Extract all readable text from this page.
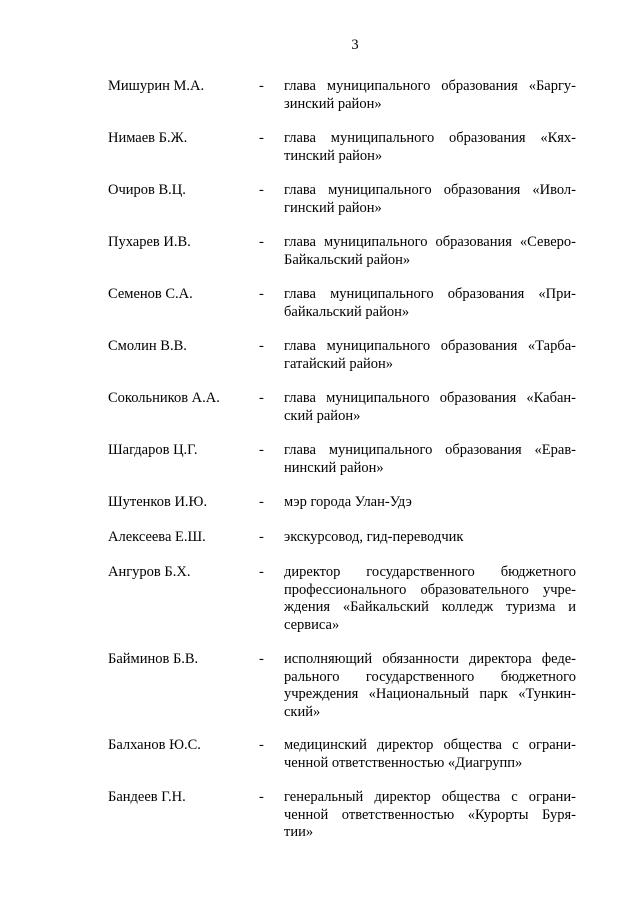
3
Мишурин М.А.	- глава муниципального образования «Баргу-
зинский район»
Нимаев Б.Ж.	- глава муниципального образования «Кях-
тинский район»
Очиров В.Ц.	- глава муниципального образования «Ивол-
гинский район»
Пухарев И.В.	- глава муниципального образования «Северо-
Байкальский район»
Семенов С.А.	- глава муниципального образования «При-
байкальский район»
Смолин В.В.	- глава муниципального образования «Тарба-
гатайский район»
Сокольников А.А.	- глава муниципального образования «Кабан-
ский район»
Шагдаров Ц.Г.	- глава муниципального образования «Ерав-
нинский район»
Шутенков И.Ю.	- мэр города Улан-Удэ
Алексеева Е.Ш.	- экскурсовод, гид-переводчик
Ангуров Б.Х.	- директор государственного бюджетного
профессионального образовательного учре-
ждения «Байкальский колледж туризма и
сервиса»
Байминов Б.В.	- исполняющий обязанности директора феде-
рального государственного бюджетного
учреждения «Национальный парк «Тункин-
ский»
Балханов Ю.С.	- медицинский директор общества с ограни-
ченной ответственностью «Диагрупп»
Бандеев Г.Н.	- генеральный директор общества с ограни-
ченной ответственностью «Курорты Буря-
тии»
